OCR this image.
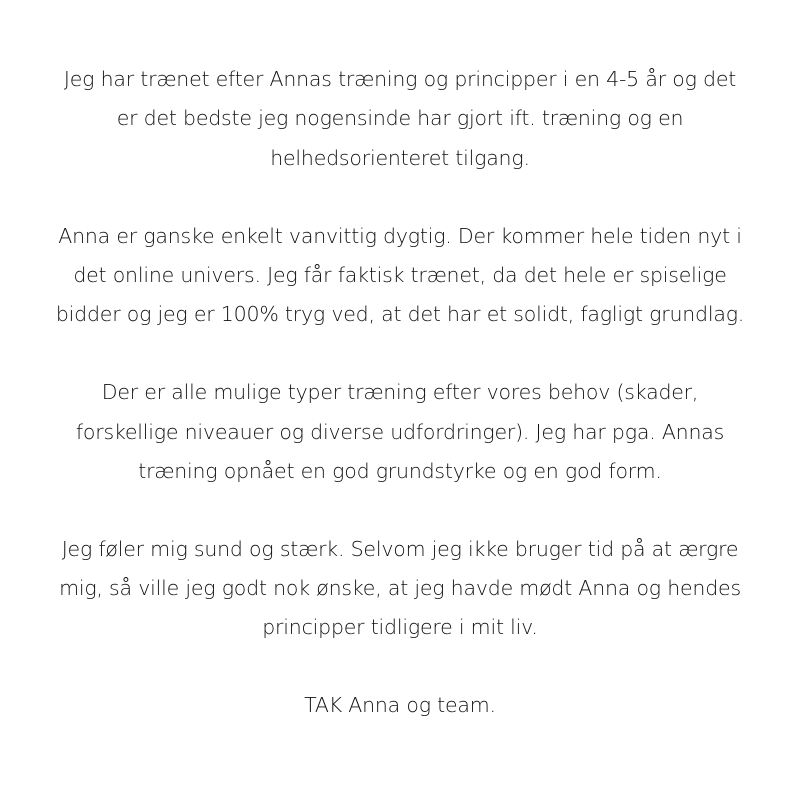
Jeg har trænet efter Annas træning og principper i en 4-5 år og det
er det bedste jeg nogensinde har gjort ift. træning og en
helhedsorienteret tilgang.
Anna er ganske enkelt vanvittig dygtig. Der kommer hele tiden nyt i
det online univers. Jeg får faktisk trænet, da det hele er spiselige
bidder og jeg er 100% tryg ved, at det har et solidt, fagligt grundlag.
Der er alle mulige typer træning efter vores behov (skader,
forskellige niveauer og diverse udfordringer). Jeg har pga. Annas
træning opnået en god grundstyrke og en god form.
Jeg føler mig sund og stærk. Selvom jeg ikke bruger tid på at ærgre
mig, så ville jeg godt nok ønske, at jeg havde mødt Anna og hendes
principper tidligere i mit liv.
TAK Anna og team.
